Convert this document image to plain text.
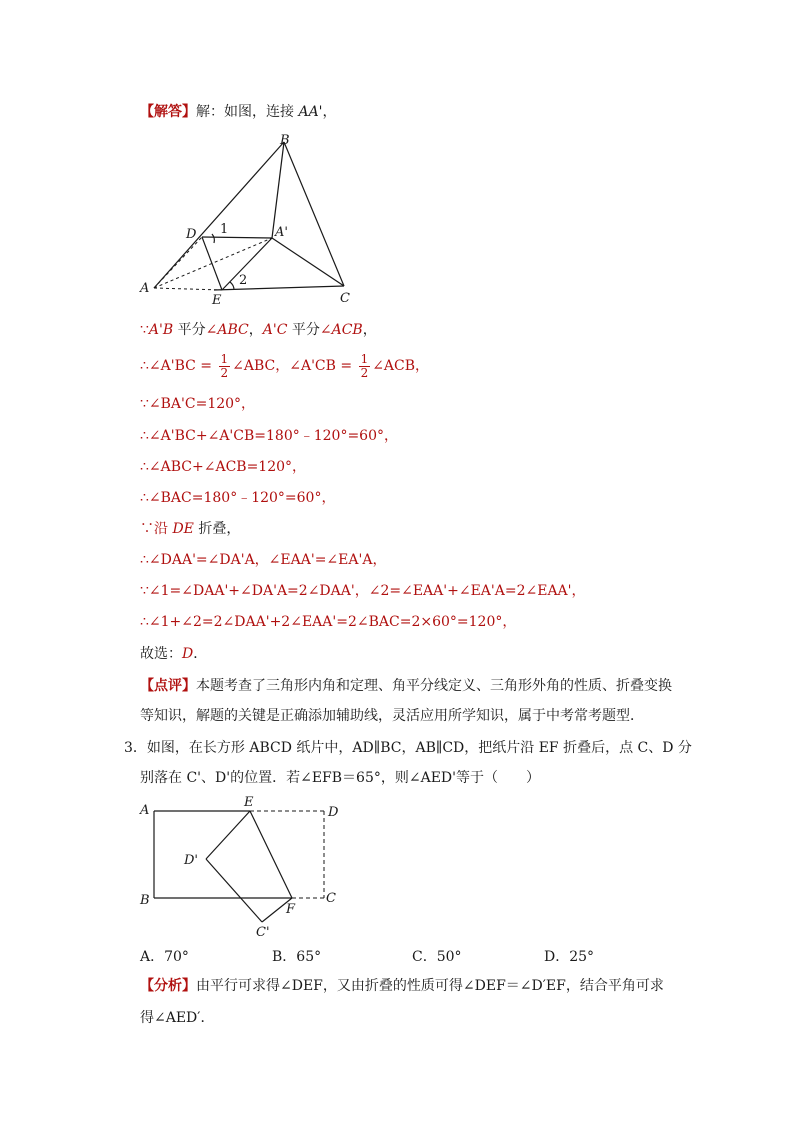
【解答】解：如图，连接 AA'，
B
D 1	A'
2
A
E	C
∵A'B 平分∠ABC，A'C 平分∠ACB，
∴∠A'BC = $\frac{1}{2}$ ∠ABC，∠A'CB = $\frac{1}{2}$ ∠ACB，
∵∠BA'C=120°，
∴∠A'BC+∠A'CB=180°﹣120°=60°，
∴∠ABC+∠ACB=120°，
∴∠BAC=180°﹣120°=60°，
∵沿 DE 折叠，
∴∠DAA'=∠DA'A，∠EAA'=∠EA'A，
∵∠1=∠DAA'+∠DA'A=2∠DAA'，∠2=∠EAA'+∠EA'A=2∠EAA'，
∴∠1+∠2=2∠DAA'+2∠EAA'=2∠BAC=2×60°=120°，
故选：D．
【点评】本题考查了三角形内角和定理、角平分线定义、三角形外角的性质、折叠变换
等知识，解题的关键是正确添加辅助线，灵活应用所学知识，属于中考常考题型．
3．如图，在长方形 ABCD 纸片中，AD∥BC，AB∥CD，把纸片沿 EF 折叠后，点 C、D 分
别落在 C'、D'的位置．若∠EFB＝65°，则∠AED'等于（　　）
A
E
D
D'
B
F
C
C'
A．70°	B．65°	C．50°	D．25°
【分析】由平行可求得∠DEF，又由折叠的性质可得∠DEF＝∠D′EF，结合平角可求
得∠AED′．
